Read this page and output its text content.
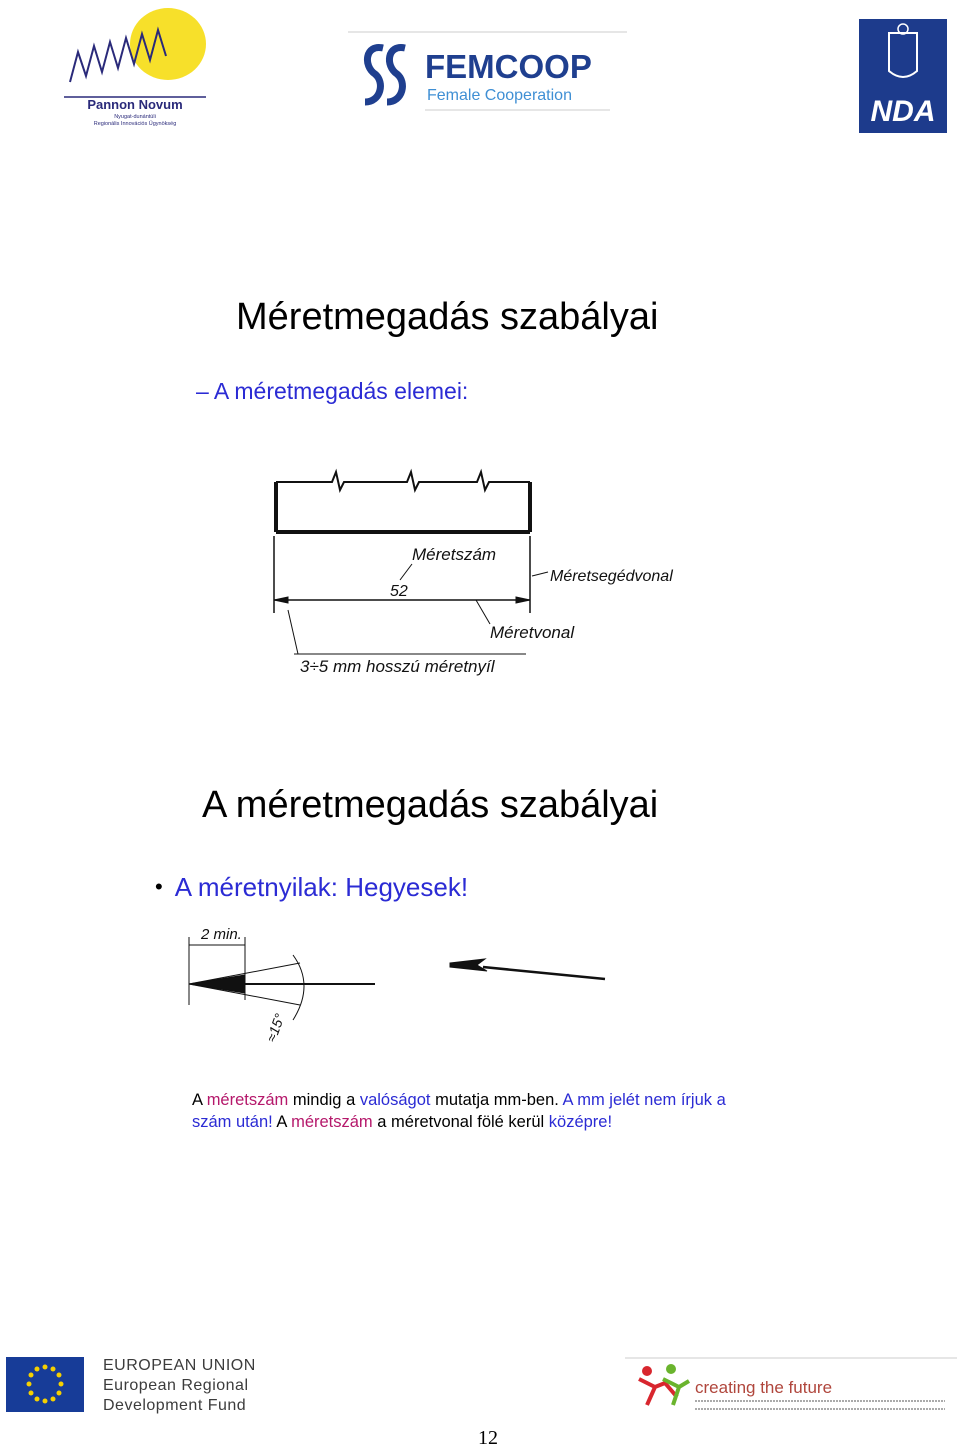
Pannon Novum
Nyugat-dunántúli
Regionális Innovációs Ügynökség
FEMCOOP
Female Cooperation	NDA
Méretmegadás szabályai
– A méretmegadás elemei:
Méretszám
52
Méretsegédvonal
Méretvonal
3÷5 mm hosszú méretnyíl
A méretmegadás szabályai
• A méretnyilak: Hegyesek!
2 min.
≈15°
A méretszám mindig a valóságot mutatja mm-ben. A mm jelét nem írjuk a szám után! A méretszám a méretvonal fölé kerül középre!
EUROPEAN UNION
European Regional
Development Fund
creating the future
12
